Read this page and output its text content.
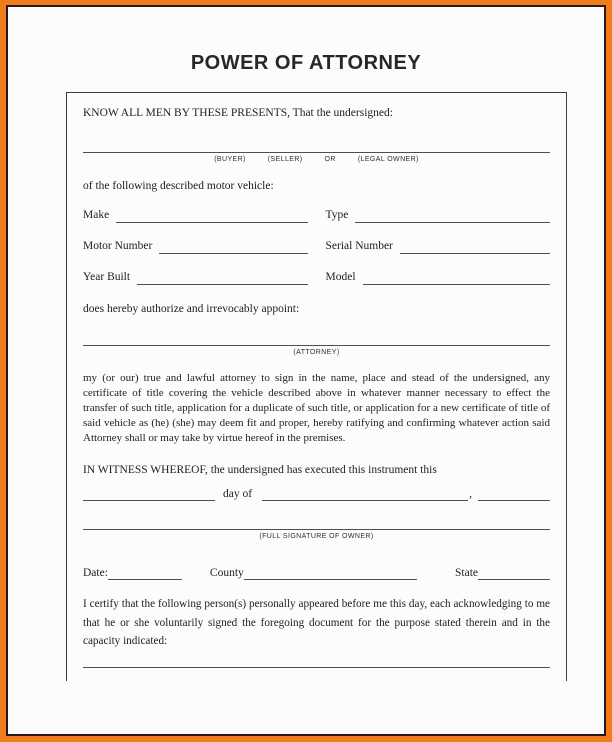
POWER OF ATTORNEY

KNOW ALL MEN BY THESE PRESENTS, That the undersigned:

(BUYER)	(SELLER)	OR	(LEGAL OWNER)

of the following described motor vehicle:

Make	Type
Motor Number	Serial Number
Year Built	Model

does hereby authorize and irrevocably appoint:

(ATTORNEY)

my (or our) true and lawful attorney to sign in the name, place and stead of the undersigned, any certificate of title covering the vehicle described above in whatever manner necessary to effect the transfer of such title, application for a duplicate of such title, or application for a new certificate of title of said vehicle as (he) (she) may deem fit and proper, hereby ratifying and confirming whatever action said Attorney shall or may take by virtue hereof in the premises.

IN WITNESS WHEREOF, the undersigned has executed this instrument this

day of	,
(FULL SIGNATURE OF OWNER)
Date:	County	State

I certify that the following person(s) personally appeared before me this day, each acknowledging to me that he or she voluntarily signed the foregoing document for the purpose stated therein and in the capacity indicated:
